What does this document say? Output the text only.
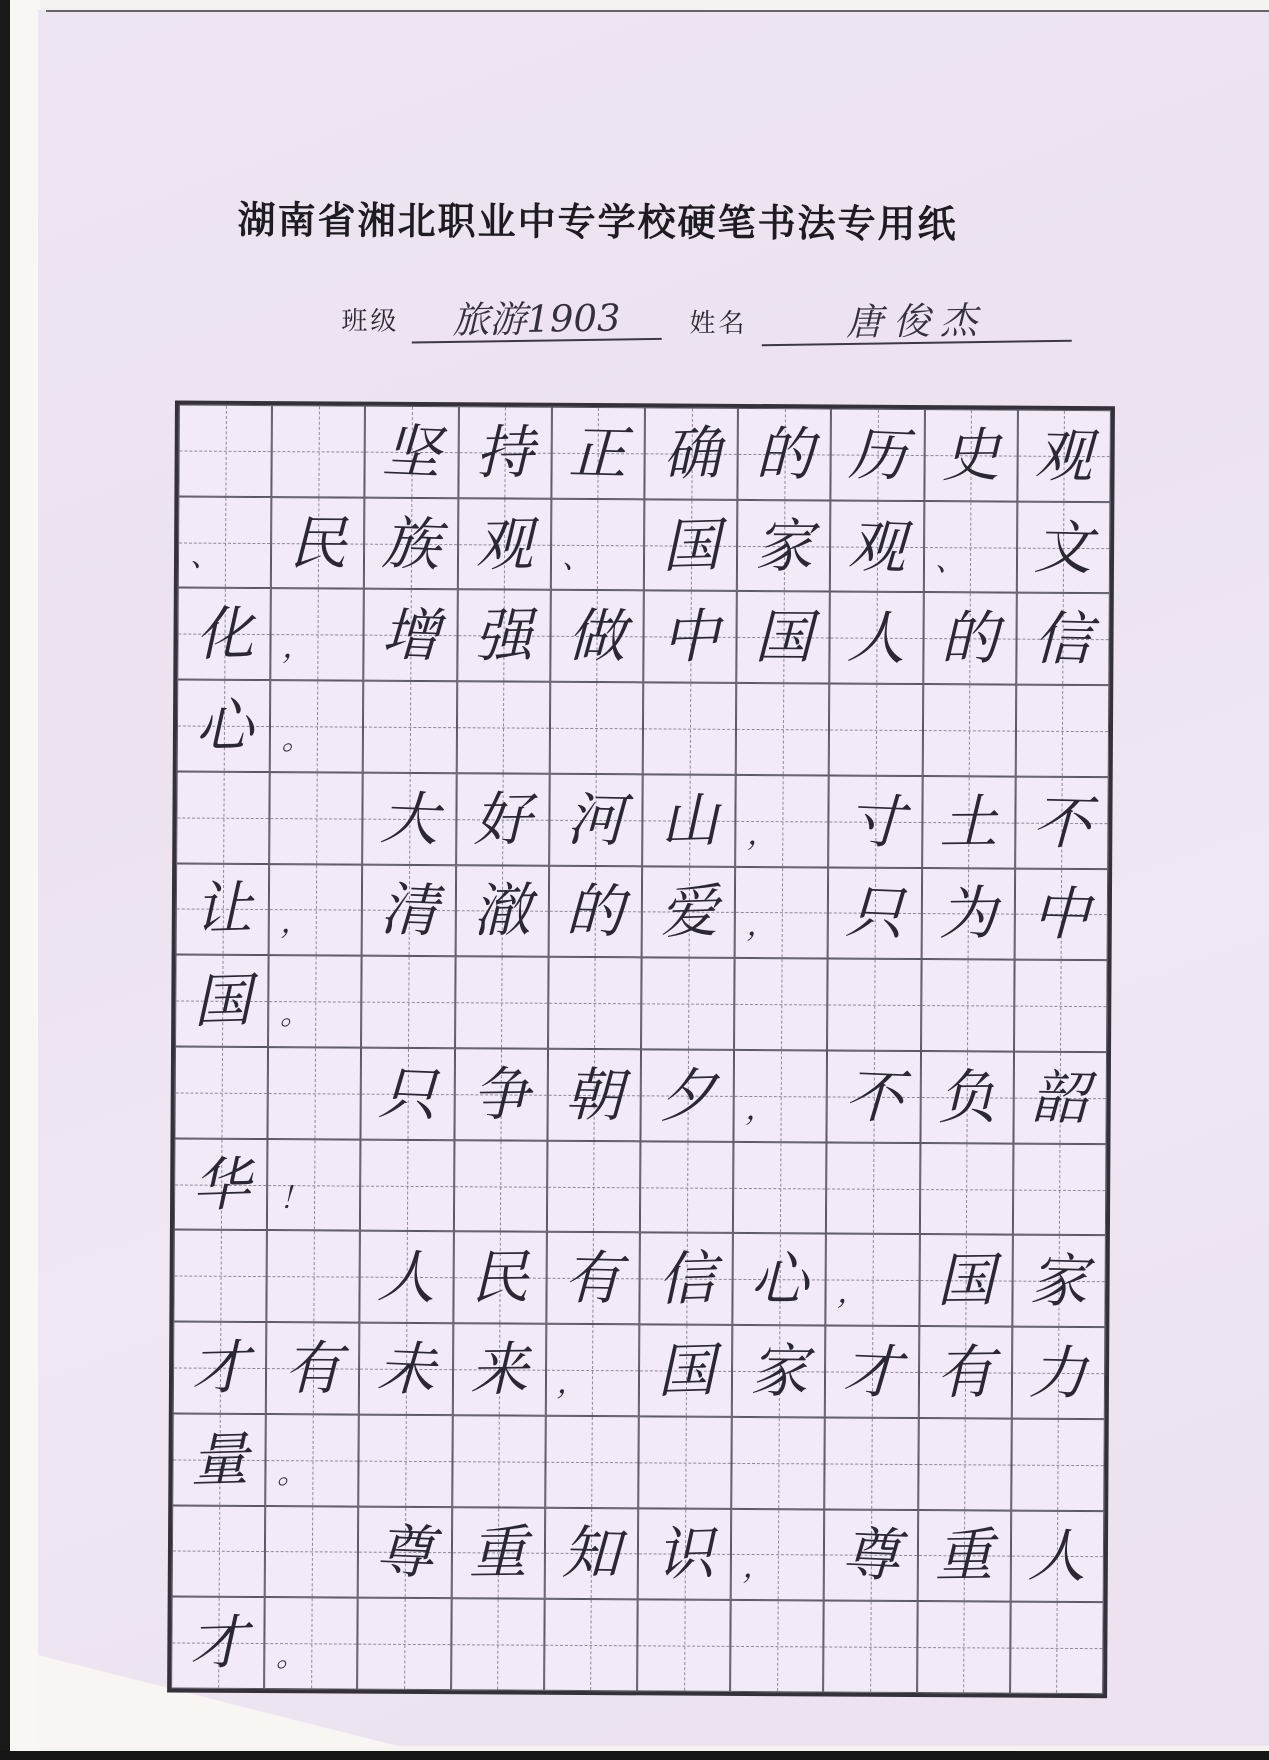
湖南省湘北职业中专学校硬笔书法专用纸
班级	旅游1903	姓名	唐俊杰
坚 持 正 确 的 历 史 观
、 民 族 观 、 国 家 观 、 文
化 ， 增 强 做 中 国 人 的 信
心 。
大 好 河 山 ， 寸 土 不
让 ， 清 澈 的 爱 ， 只 为 中
国 。
只 争 朝 夕 ， 不 负 韶
华 ！
人 民 有 信 心 ， 国 家
才 有 未 来 ， 国 家 才 有 力
量 。
尊 重 知 识 ， 尊 重 人
才 。
